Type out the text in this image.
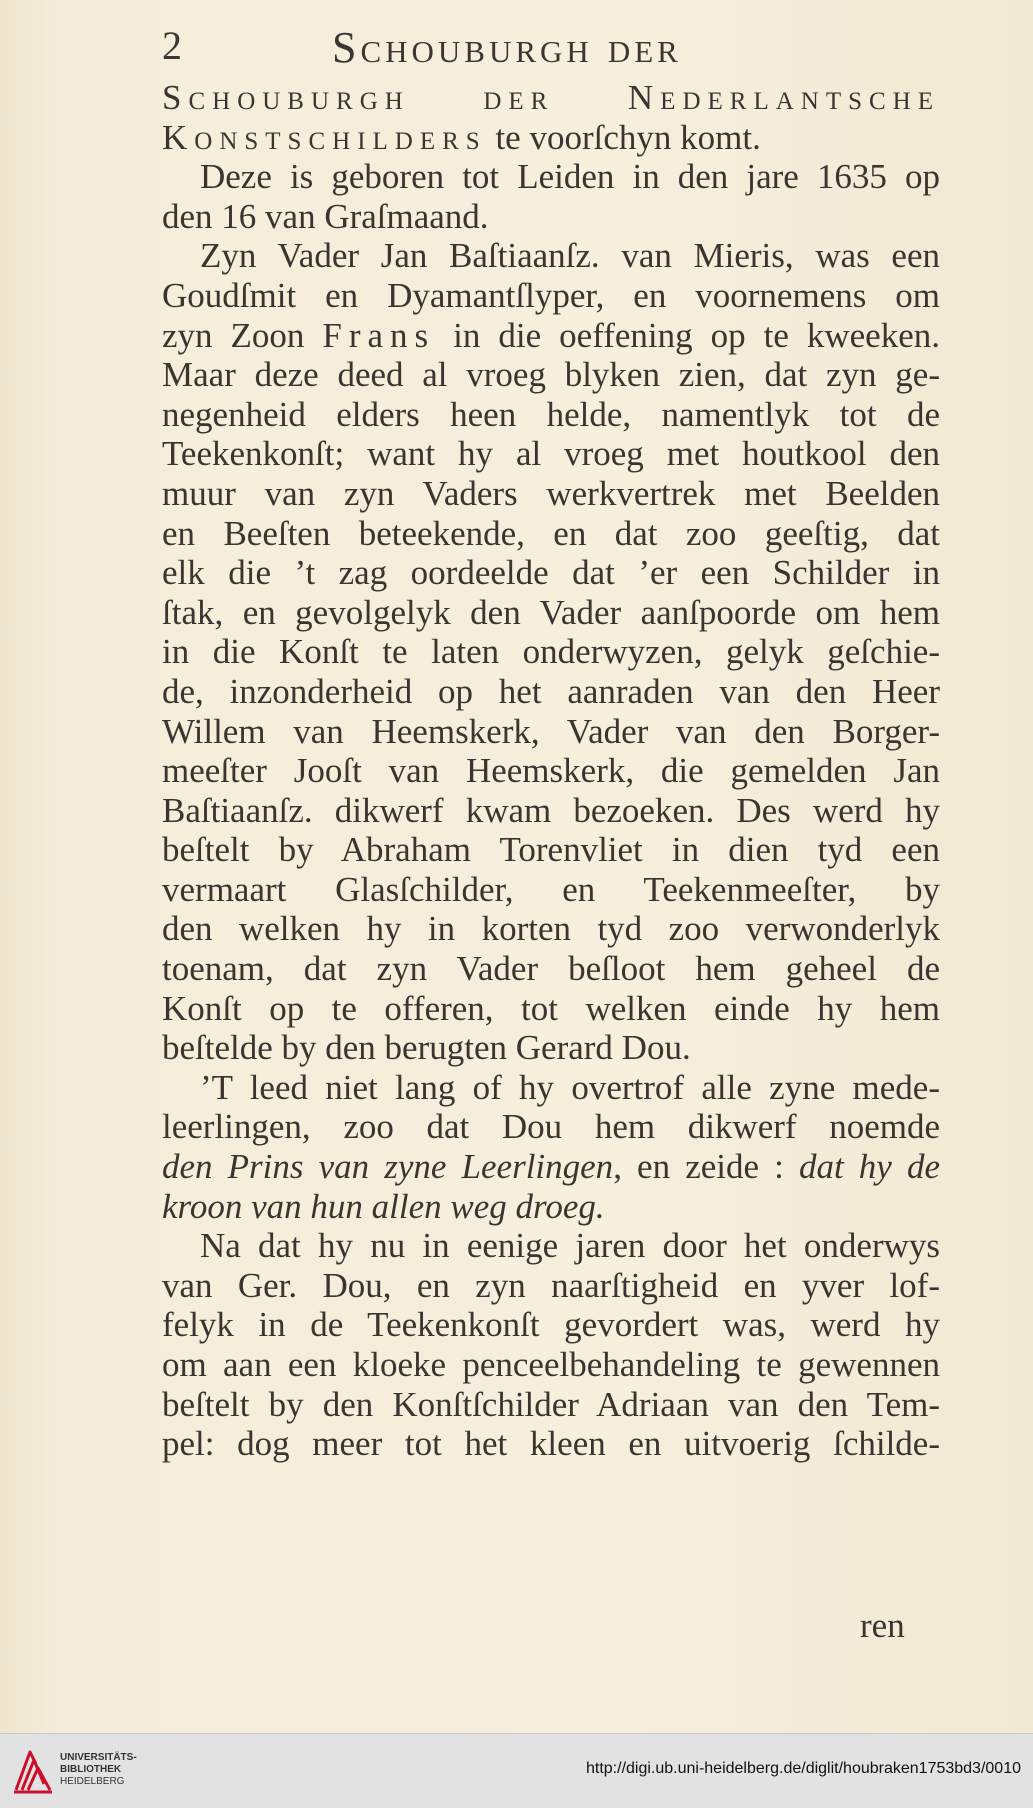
2	Schouburgh der
Schouburgh der Nederlantsche
Konstschilders te voorſchyn komt.
Deze is geboren tot Leiden in den jare 1635 op
den 16 van Graſmaand.
Zyn Vader Jan Baſtiaanſz. van Mieris, was een
Goudſmit en Dyamantſlyper, en voornemens om
zyn Zoon Frans in die oeffening op te kweeken.
Maar deze deed al vroeg blyken zien, dat zyn ge-
negenheid elders heen helde, namentlyk tot de
Teekenkonſt; want hy al vroeg met houtkool den
muur van zyn Vaders werkvertrek met Beelden
en Beeſten beteekende, en dat zoo geeſtig, dat
elk die ’t zag oordeelde dat ’er een Schilder in
ſtak, en gevolgelyk den Vader aanſpoorde om hem
in die Konſt te laten onderwyzen, gelyk geſchie-
de, inzonderheid op het aanraden van den Heer
Willem van Heemskerk, Vader van den Borger-
meeſter Jooſt van Heemskerk, die gemelden Jan
Baſtiaanſz. dikwerf kwam bezoeken. Des werd hy
beſtelt by Abraham Torenvliet in dien tyd een
vermaart Glasſchilder, en Teekenmeeſter, by
den welken hy in korten tyd zoo verwonderlyk
toenam, dat zyn Vader beſloot hem geheel de
Konſt op te offeren, tot welken einde hy hem
beſtelde by den berugten Gerard Dou.
’T leed niet lang of hy overtrof alle zyne mede-
leerlingen, zoo dat Dou hem dikwerf noemde
den Prins van zyne Leerlingen, en zeide : dat hy de
kroon van hun allen weg droeg.
Na dat hy nu in eenige jaren door het onderwys
van Ger. Dou, en zyn naarſtigheid en yver lof-
felyk in de Teekenkonſt gevordert was, werd hy
om aan een kloeke penceelbehandeling te gewennen
beſtelt by den Konſtſchilder Adriaan van den Tem-
pel: dog meer tot het kleen en uitvoerig ſchilde-
ren
UNIVERSITÄTS-
BIBLIOTHEK
HEIDELBERG
http://digi.ub.uni-heidelberg.de/diglit/houbraken1753bd3/0010
